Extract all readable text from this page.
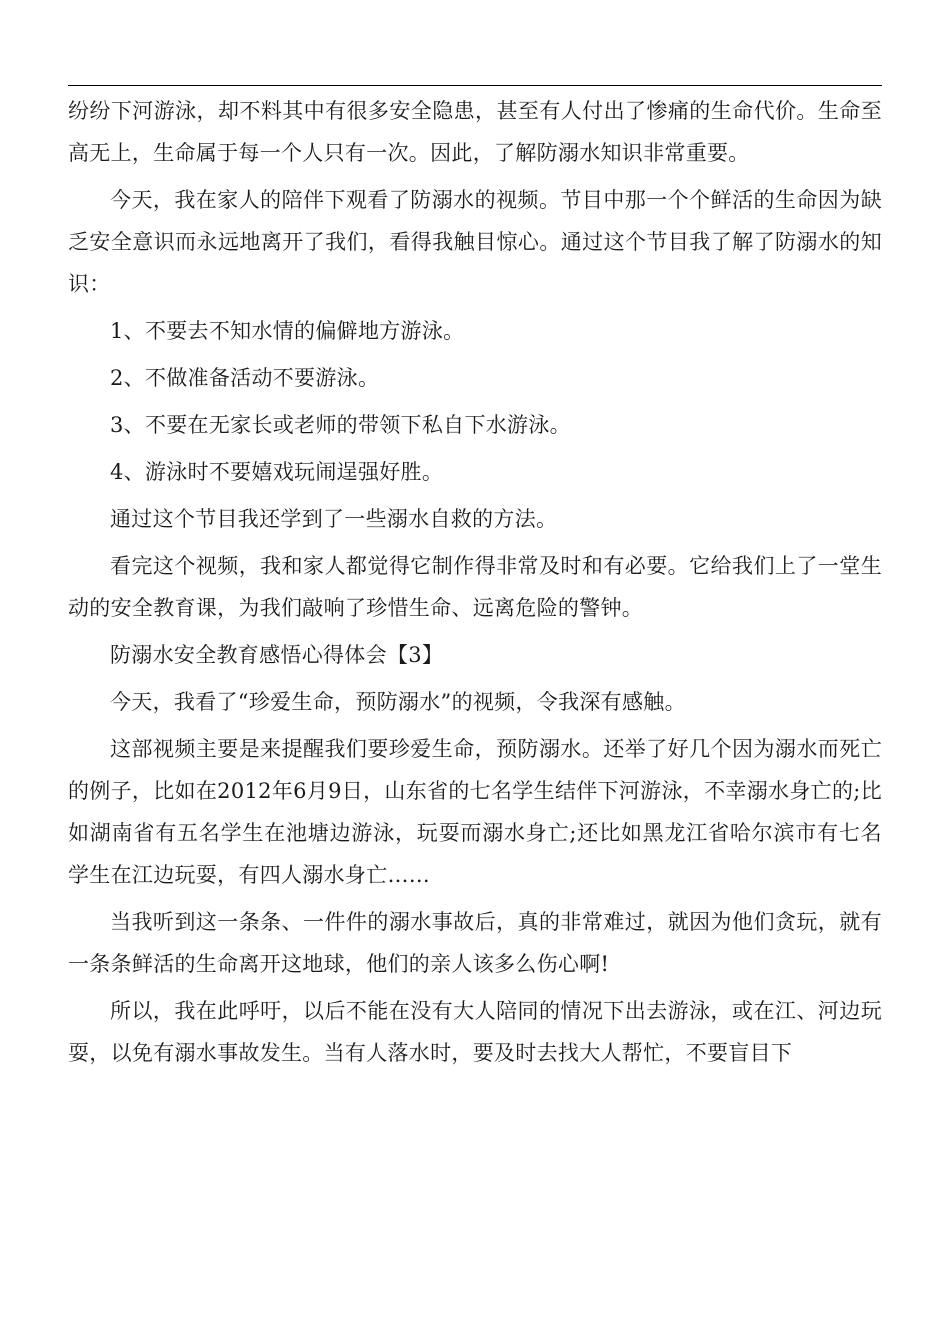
纷纷下河游泳，却不料其中有很多安全隐患，甚至有人付出了惨痛的生命代价。生命至高无上，生命属于每一个人只有一次。因此，了解防溺水知识非常重要。

今天，我在家人的陪伴下观看了防溺水的视频。节目中那一个个鲜活的生命因为缺乏安全意识而永远地离开了我们，看得我触目惊心。通过这个节目我了解了防溺水的知识：

1、不要去不知水情的偏僻地方游泳。

2、不做准备活动不要游泳。

3、不要在无家长或老师的带领下私自下水游泳。

4、游泳时不要嬉戏玩闹逞强好胜。

通过这个节目我还学到了一些溺水自救的方法。

看完这个视频，我和家人都觉得它制作得非常及时和有必要。它给我们上了一堂生动的安全教育课，为我们敲响了珍惜生命、远离危险的警钟。

防溺水安全教育感悟心得体会【3】

今天，我看了“珍爱生命，预防溺水”的视频，令我深有感触。

这部视频主要是来提醒我们要珍爱生命，预防溺水。还举了好几个因为溺水而死亡的例子，比如在2012年6月9日，山东省的七名学生结伴下河游泳，不幸溺水身亡的;比如湖南省有五名学生在池塘边游泳，玩耍而溺水身亡;还比如黑龙江省哈尔滨市有七名学生在江边玩耍，有四人溺水身亡……

当我听到这一条条、一件件的溺水事故后，真的非常难过，就因为他们贪玩，就有一条条鲜活的生命离开这地球，他们的亲人该多么伤心啊!

所以，我在此呼吁，以后不能在没有大人陪同的情况下出去游泳，或在江、河边玩耍，以免有溺水事故发生。当有人落水时，要及时去找大人帮忙，不要盲目下
